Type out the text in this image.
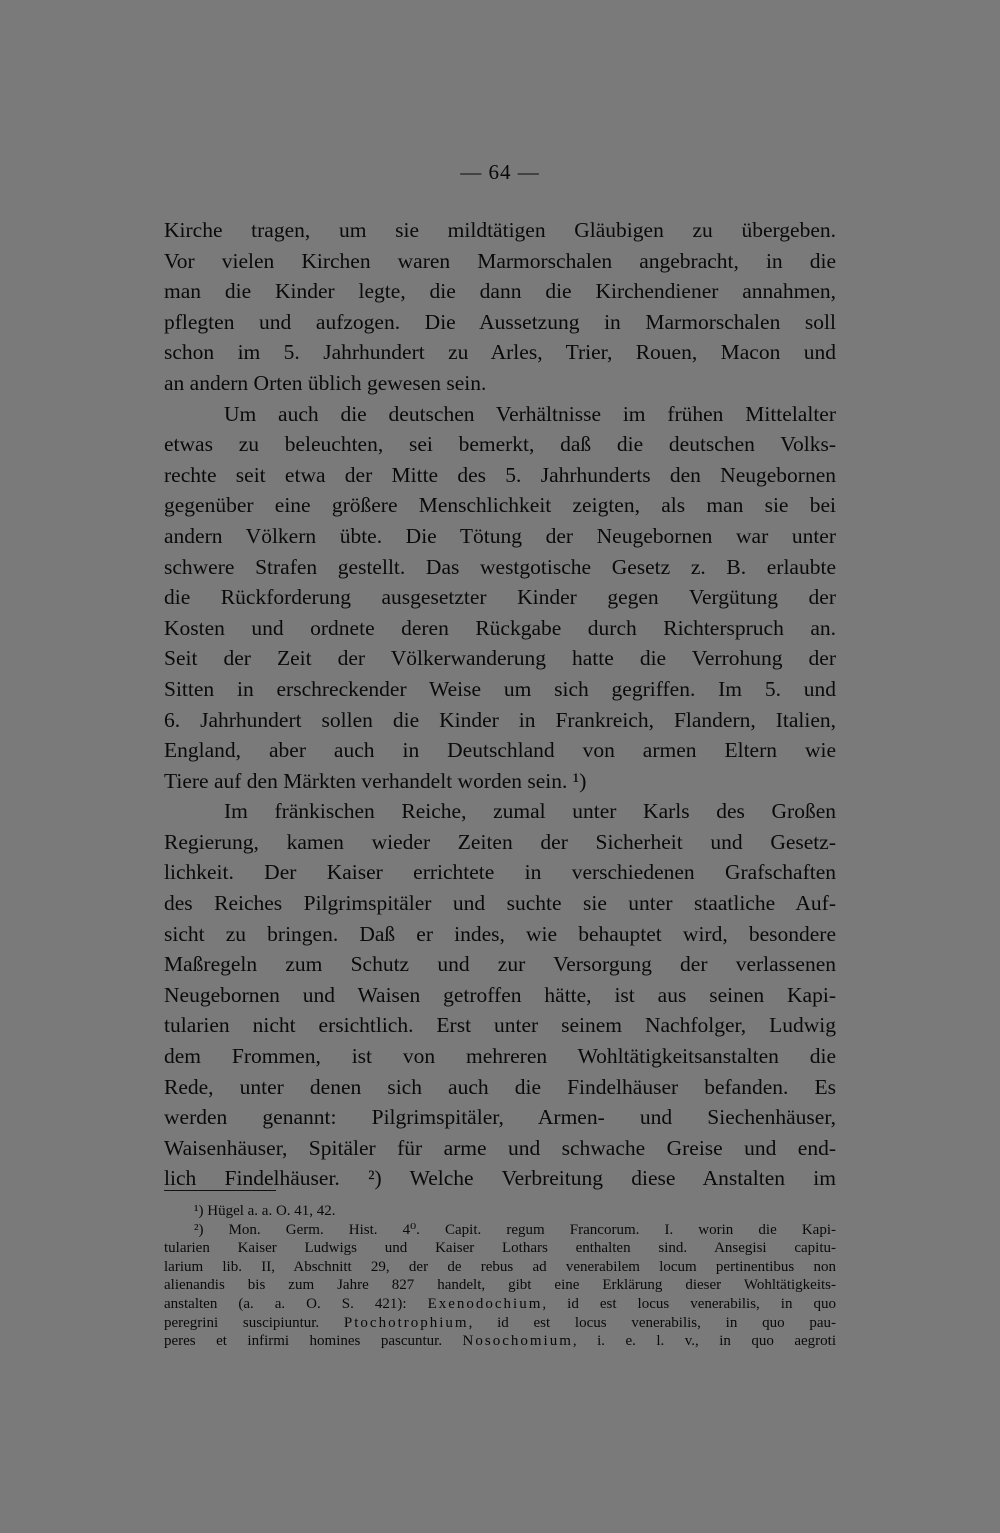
— 64 —
Kirche tragen, um sie mildtätigen Gläubigen zu übergeben.
Vor vielen Kirchen waren Marmorschalen angebracht, in die
man die Kinder legte, die dann die Kirchendiener annahmen,
pflegten und aufzogen. Die Aussetzung in Marmorschalen soll
schon im 5. Jahrhundert zu Arles, Trier, Rouen, Macon und
an andern Orten üblich gewesen sein.
Um auch die deutschen Verhältnisse im frühen Mittelalter
etwas zu beleuchten, sei bemerkt, daß die deutschen Volks-
rechte seit etwa der Mitte des 5. Jahrhunderts den Neugebornen
gegenüber eine größere Menschlichkeit zeigten, als man sie bei
andern Völkern übte. Die Tötung der Neugebornen war unter
schwere Strafen gestellt. Das westgotische Gesetz z. B. erlaubte
die Rückforderung ausgesetzter Kinder gegen Vergütung der
Kosten und ordnete deren Rückgabe durch Richterspruch an.
Seit der Zeit der Völkerwanderung hatte die Verrohung der
Sitten in erschreckender Weise um sich gegriffen. Im 5. und
6. Jahrhundert sollen die Kinder in Frankreich, Flandern, Italien,
England, aber auch in Deutschland von armen Eltern wie
Tiere auf den Märkten verhandelt worden sein. ¹)
Im fränkischen Reiche, zumal unter Karls des Großen
Regierung, kamen wieder Zeiten der Sicherheit und Gesetz-
lichkeit. Der Kaiser errichtete in verschiedenen Grafschaften
des Reiches Pilgrimspitäler und suchte sie unter staatliche Auf-
sicht zu bringen. Daß er indes, wie behauptet wird, besondere
Maßregeln zum Schutz und zur Versorgung der verlassenen
Neugebornen und Waisen getroffen hätte, ist aus seinen Kapi-
tularien nicht ersichtlich. Erst unter seinem Nachfolger, Ludwig
dem Frommen, ist von mehreren Wohltätigkeitsanstalten die
Rede, unter denen sich auch die Findelhäuser befanden. Es
werden genannt: Pilgrimspitäler, Armen- und Siechenhäuser,
Waisenhäuser, Spitäler für arme und schwache Greise und end-
lich Findelhäuser. ²) Welche Verbreitung diese Anstalten im
¹) Hügel a. a. O. 41, 42.
²) Mon. Germ. Hist. 4⁰. Capit. regum Francorum. I. worin die Kapi-
tularien Kaiser Ludwigs und Kaiser Lothars enthalten sind. Ansegisi capitu-
larium lib. II, Abschnitt 29, der de rebus ad venerabilem locum pertinentibus non
alienandis bis zum Jahre 827 handelt, gibt eine Erklärung dieser Wohltätigkeits-
anstalten (a. a. O. S. 421): Exenodochium, id est locus venerabilis, in quo
peregrini suscipiuntur. Ptochotrophium, id est locus venerabilis, in quo pau-
peres et infirmi homines pascuntur. Nosochomium, i. e. l. v., in quo aegroti
